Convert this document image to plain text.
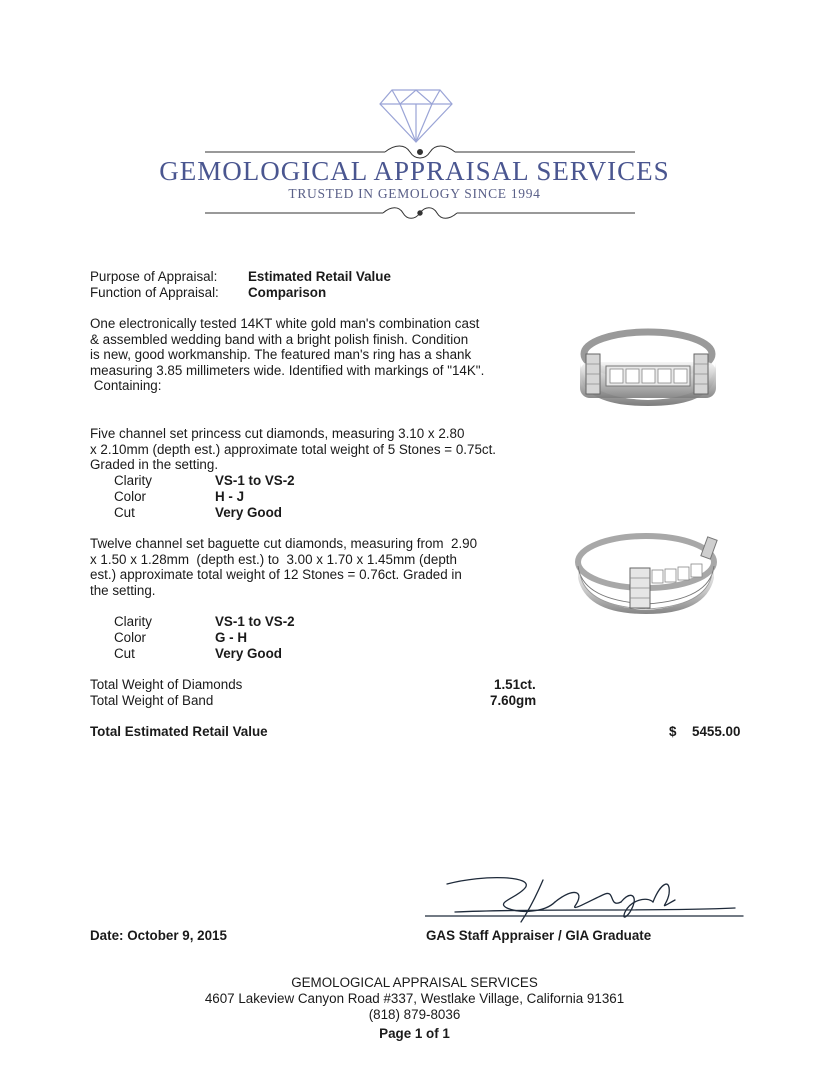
GEMOLOGICAL APPRAISAL SERVICES
TRUSTED IN GEMOLOGY SINCE 1994
Purpose of Appraisal: Estimated Retail Value
Function of Appraisal: Comparison
One electronically tested 14KT white gold man's combination cast
& assembled wedding band with a bright polish finish. Condition
is new, good workmanship. The featured man's ring has a shank
measuring 3.85 millimeters wide. Identified with markings of "14K".
Containing:
Five channel set princess cut diamonds, measuring 3.10 x 2.80
x 2.10mm (depth est.) approximate total weight of 5 Stones = 0.75ct.
Graded in the setting.
Clarity	VS-1 to VS-2
Color	H - J
Cut	Very Good
Twelve channel set baguette cut diamonds, measuring from  2.90
x 1.50 x 1.28mm  (depth est.) to  3.00 x 1.70 x 1.45mm (depth
est.) approximate total weight of 12 Stones = 0.76ct. Graded in
the setting.
Clarity	VS-1 to VS-2
Color	G - H
Cut	Very Good
Total Weight of Diamonds	1.51ct.
Total Weight of Band	7.60gm
Total Estimated Retail Value	$ 5455.00
Date: October 9, 2015	GAS Staff Appraiser / GIA Graduate
GEMOLOGICAL APPRAISAL SERVICES
4607 Lakeview Canyon Road #337, Westlake Village, California 91361
(818) 879-8036
Page 1 of 1
